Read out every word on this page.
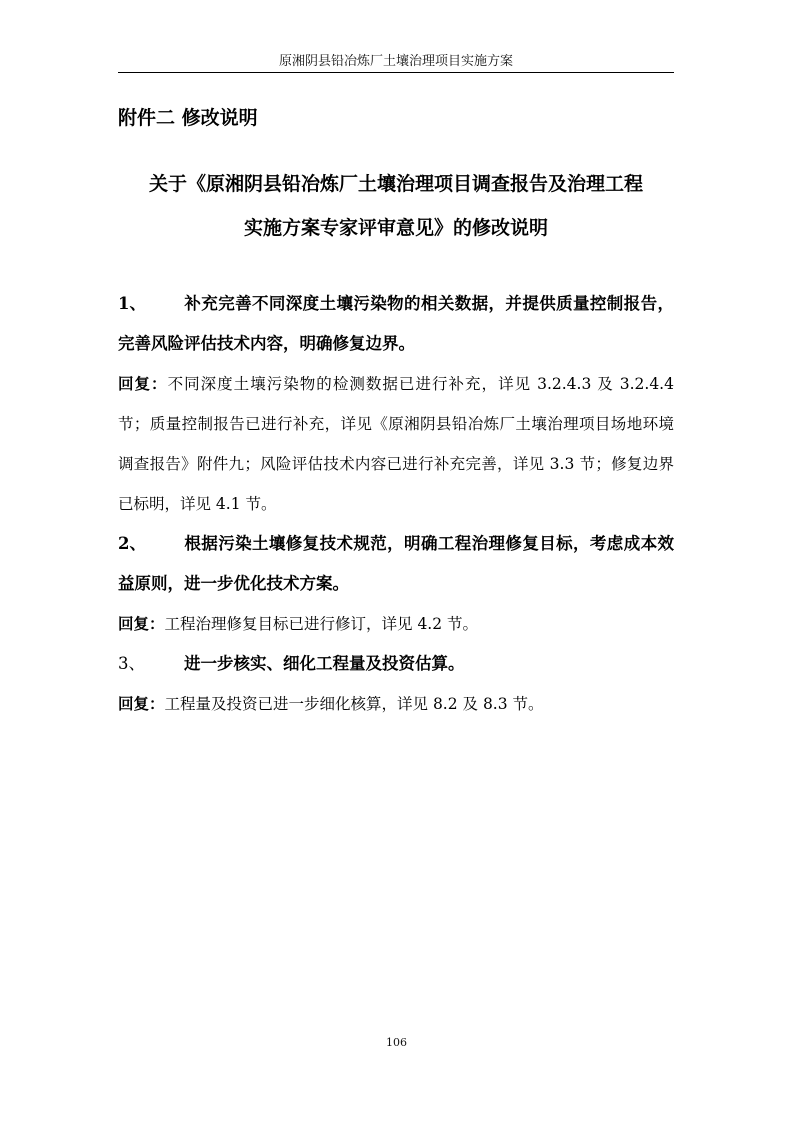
原湘阴县铅冶炼厂土壤治理项目实施方案
附件二 修改说明
关于《原湘阴县铅冶炼厂土壤治理项目调查报告及治理工程
实施方案专家评审意见》的修改说明
1、 补充完善不同深度土壤污染物的相关数据，并提供质量控制报告，完善风险评估技术内容，明确修复边界。
回复：不同深度土壤污染物的检测数据已进行补充，详见 3.2.4.3 及 3.2.4.4 节；质量控制报告已进行补充，详见《原湘阴县铅冶炼厂土壤治理项目场地环境调查报告》附件九；风险评估技术内容已进行补充完善，详见 3.3 节；修复边界已标明，详见 4.1 节。
2、 根据污染土壤修复技术规范，明确工程治理修复目标，考虑成本效益原则，进一步优化技术方案。
回复：工程治理修复目标已进行修订，详见 4.2 节。
3、 进一步核实、细化工程量及投资估算。
回复：工程量及投资已进一步细化核算，详见 8.2 及 8.3 节。
106
